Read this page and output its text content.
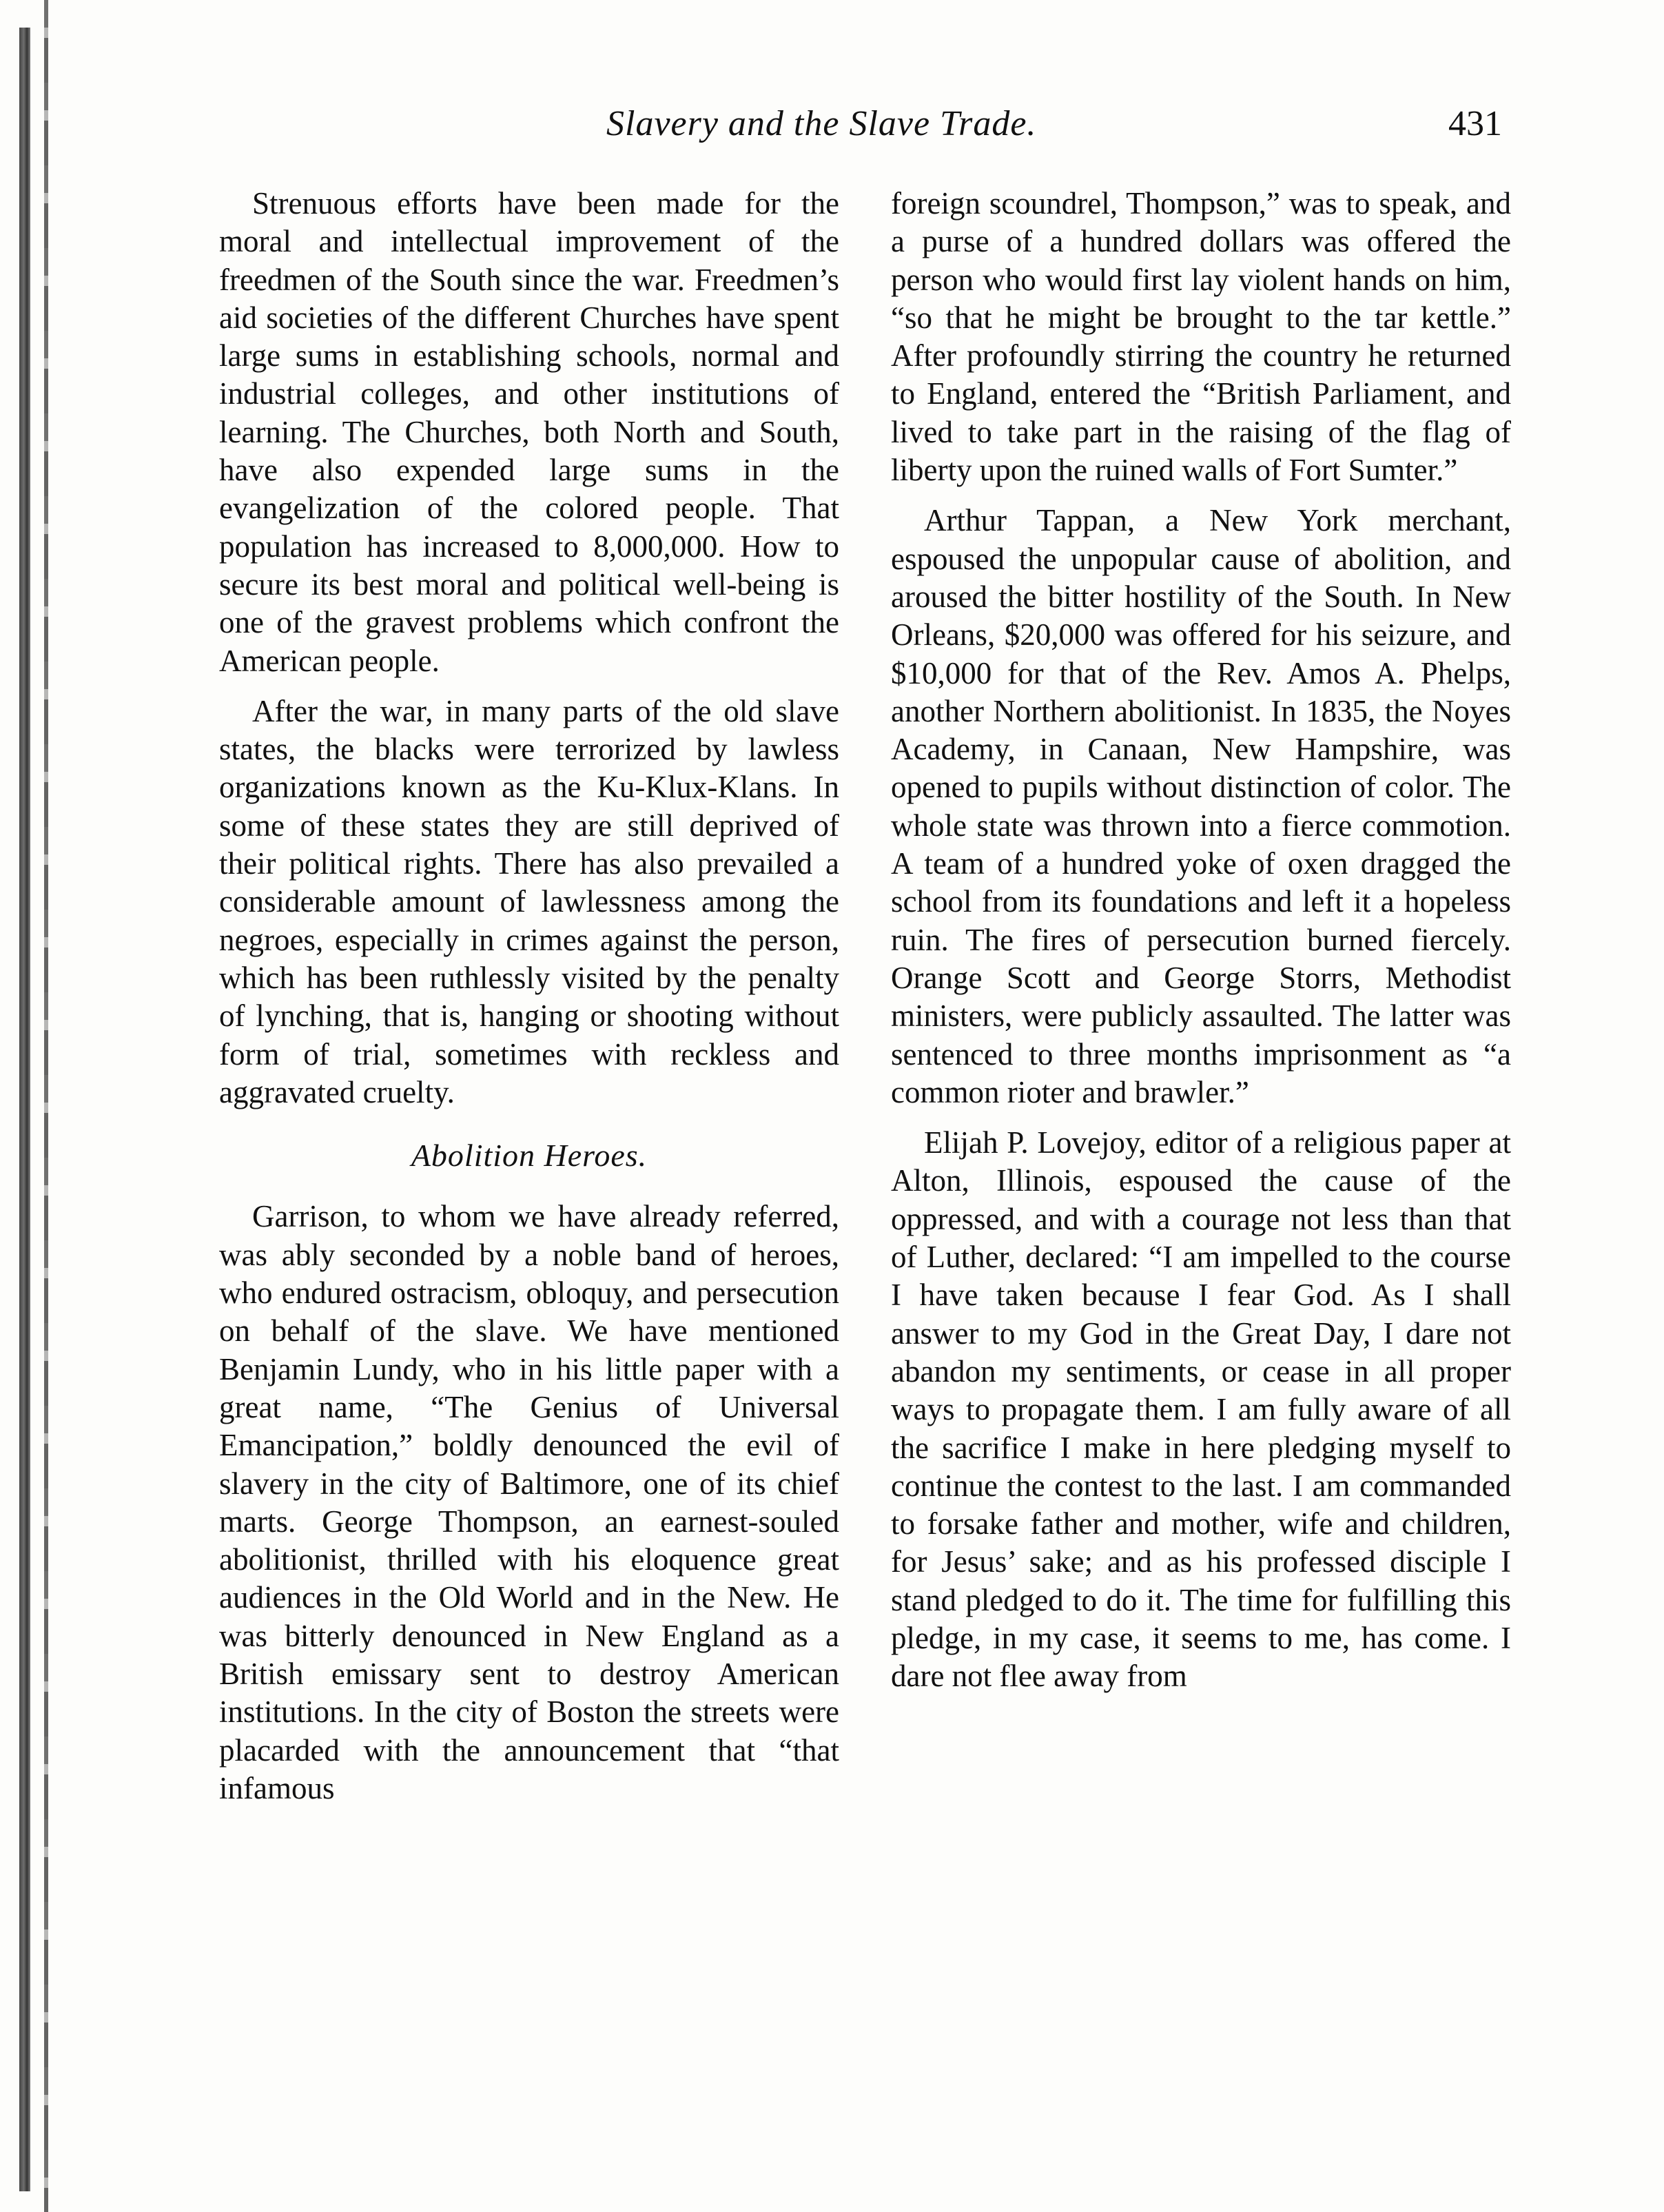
Slavery and the Slave Trade.	431

Strenuous efforts have been made for the moral and intellectual improvement of the freedmen of the South since the war. Freedmen’s aid societies of the different Churches have spent large sums in establishing schools, normal and industrial colleges, and other institutions of learning. The Churches, both North and South, have also expended large sums in the evangelization of the colored people. That population has increased to 8,000,000. How to secure its best moral and political well-being is one of the gravest problems which confront the American people.

After the war, in many parts of the old slave states, the blacks were terrorized by lawless organizations known as the Ku-Klux-Klans. In some of these states they are still deprived of their political rights. There has also prevailed a considerable amount of lawlessness among the negroes, especially in crimes against the person, which has been ruthlessly visited by the penalty of lynching, that is, hanging or shooting without form of trial, sometimes with reckless and aggravated cruelty.

Abolition Heroes.

Garrison, to whom we have already referred, was ably seconded by a noble band of heroes, who endured ostracism, obloquy, and persecution on behalf of the slave. We have mentioned Benjamin Lundy, who in his little paper with a great name, “The Genius of Universal Emancipation,” boldly denounced the evil of slavery in the city of Baltimore, one of its chief marts. George Thompson, an earnest-souled abolitionist, thrilled with his eloquence great audiences in the Old World and in the New. He was bitterly denounced in New England as a British emissary sent to destroy American institutions. In the city of Boston the streets were placarded with the announcement that “that infamous

foreign scoundrel, Thompson,” was to speak, and a purse of a hundred dollars was offered the person who would first lay violent hands on him, “so that he might be brought to the tar kettle.” After profoundly stirring the country he returned to England, entered the “British Parliament, and lived to take part in the raising of the flag of liberty upon the ruined walls of Fort Sumter.”

Arthur Tappan, a New York merchant, espoused the unpopular cause of abolition, and aroused the bitter hostility of the South. In New Orleans, $20,000 was offered for his seizure, and $10,000 for that of the Rev. Amos A. Phelps, another Northern abolitionist. In 1835, the Noyes Academy, in Canaan, New Hampshire, was opened to pupils without distinction of color. The whole state was thrown into a fierce commotion. A team of a hundred yoke of oxen dragged the school from its foundations and left it a hopeless ruin. The fires of persecution burned fiercely. Orange Scott and George Storrs, Methodist ministers, were publicly assaulted. The latter was sentenced to three months imprisonment as “a common rioter and brawler.”

Elijah P. Lovejoy, editor of a religious paper at Alton, Illinois, espoused the cause of the oppressed, and with a courage not less than that of Luther, declared: “I am impelled to the course I have taken because I fear God. As I shall answer to my God in the Great Day, I dare not abandon my sentiments, or cease in all proper ways to propagate them. I am fully aware of all the sacrifice I make in here pledging myself to continue the contest to the last. I am commanded to forsake father and mother, wife and children, for Jesus’ sake; and as his professed disciple I stand pledged to do it. The time for fulfilling this pledge, in my case, it seems to me, has come. I dare not flee away from
